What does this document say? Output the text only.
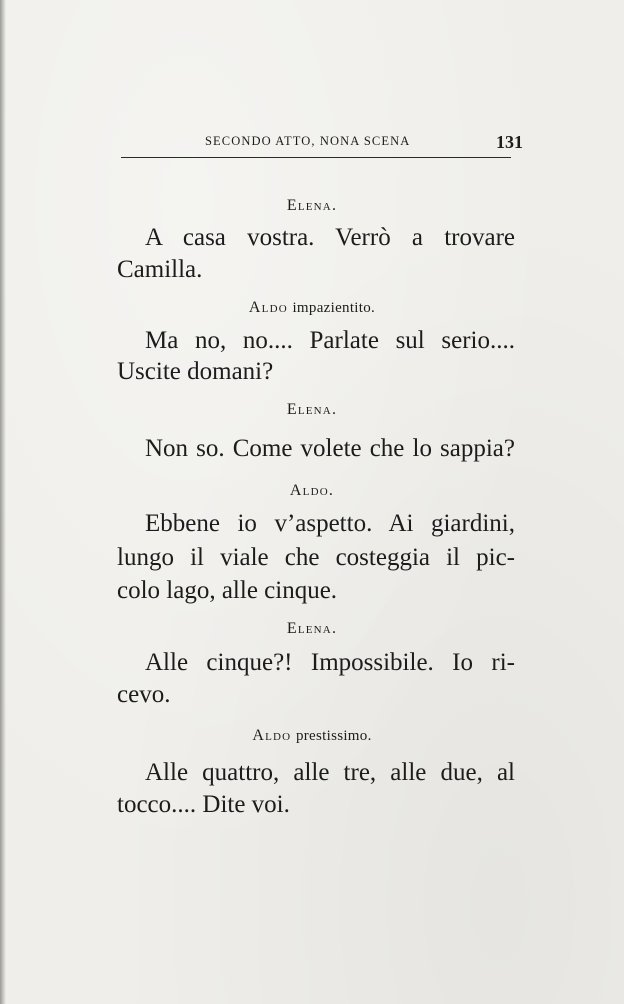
SECONDO ATTO, NONA SCENA	131
Elena.
A casa vostra. Verrò a trovare
Camilla.
Aldo impazientito.
Ma no, no.... Parlate sul serio....
Uscite domani?
Elena.
Non so. Come volete che lo sappia?
Aldo.
Ebbene io v’aspetto. Ai giardini,
lungo il viale che costeggia il pic-
colo lago, alle cinque.
Elena.
Alle cinque?! Impossibile. Io ri-
cevo.
Aldo prestissimo.
Alle quattro, alle tre, alle due, al
tocco.... Dite voi.
